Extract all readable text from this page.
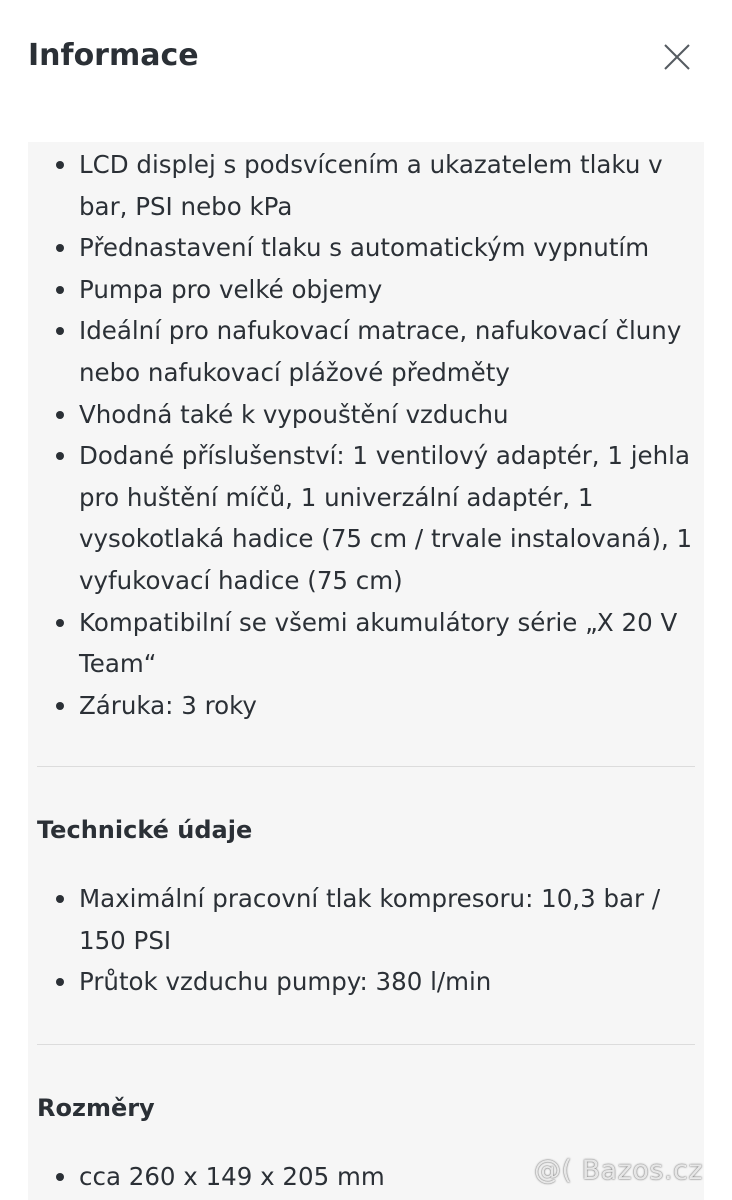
Informace
LCD displej s podsvícením a ukazatelem tlaku v bar, PSI nebo kPa
Přednastavení tlaku s automatickým vypnutím
Pumpa pro velké objemy
Ideální pro nafukovací matrace, nafukovací čluny nebo nafukovací plážové předměty
Vhodná také k vypouštění vzduchu
Dodané příslušenství: 1 ventilový adaptér, 1 jehla pro huštění míčů, 1 univerzální adaptér, 1 vysokotlaká hadice (75 cm / trvale instalovaná), 1 vyfukovací hadice (75 cm)
Kompatibilní se všemi akumulátory série „X 20 V Team“
Záruka: 3 roky
Technické údaje
Maximální pracovní tlak kompresoru: 10,3 bar / 150 PSI
Průtok vzduchu pumpy: 380 l/min
Rozměry
cca 260 x 149 x 205 mm	@( Bazos.cz
